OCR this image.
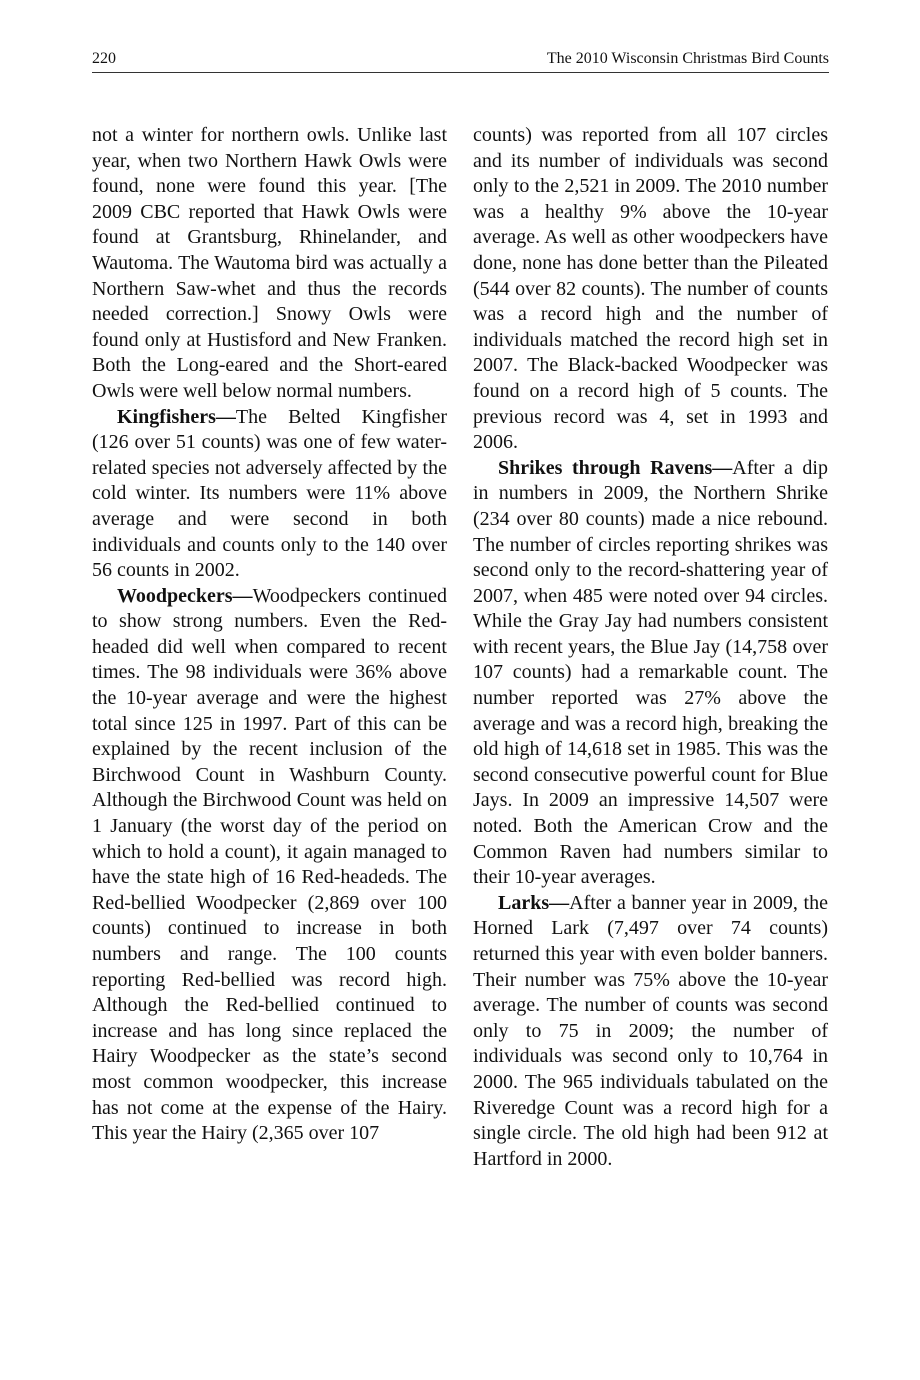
220	The 2010 Wisconsin Christmas Bird Counts

not a winter for northern owls. Unlike last year, when two Northern Hawk Owls were found, none were found this year. [The 2009 CBC reported that Hawk Owls were found at Grantsburg, Rhinelander, and Wautoma. The Wautoma bird was actually a Northern Saw-whet and thus the records needed correction.] Snowy Owls were found only at Hustisford and New Franken. Both the Long-eared and the Short-eared Owls were well below normal numbers.

Kingfishers—The Belted Kingfisher (126 over 51 counts) was one of few water-related species not adversely affected by the cold winter. Its numbers were 11% above average and were second in both individuals and counts only to the 140 over 56 counts in 2002.

Woodpeckers—Woodpeckers continued to show strong numbers. Even the Red-headed did well when compared to recent times. The 98 individuals were 36% above the 10-year average and were the highest total since 125 in 1997. Part of this can be explained by the recent inclusion of the Birchwood Count in Washburn County. Although the Birchwood Count was held on 1 January (the worst day of the period on which to hold a count), it again managed to have the state high of 16 Red-headeds. The Red-bellied Woodpecker (2,869 over 100 counts) continued to increase in both numbers and range. The 100 counts reporting Red-bellied was record high. Although the Red-bellied continued to increase and has long since replaced the Hairy Woodpecker as the state’s second most common woodpecker, this increase has not come at the expense of the Hairy. This year the Hairy (2,365 over 107

counts) was reported from all 107 circles and its number of individuals was second only to the 2,521 in 2009. The 2010 number was a healthy 9% above the 10-year average. As well as other woodpeckers have done, none has done better than the Pileated (544 over 82 counts). The number of counts was a record high and the number of individuals matched the record high set in 2007. The Black-backed Woodpecker was found on a record high of 5 counts. The previous record was 4, set in 1993 and 2006.

Shrikes through Ravens—After a dip in numbers in 2009, the Northern Shrike (234 over 80 counts) made a nice rebound. The number of circles reporting shrikes was second only to the record-shattering year of 2007, when 485 were noted over 94 circles. While the Gray Jay had numbers consistent with recent years, the Blue Jay (14,758 over 107 counts) had a remarkable count. The number reported was 27% above the average and was a record high, breaking the old high of 14,618 set in 1985. This was the second consecutive powerful count for Blue Jays. In 2009 an impressive 14,507 were noted. Both the American Crow and the Common Raven had numbers similar to their 10-year averages.

Larks—After a banner year in 2009, the Horned Lark (7,497 over 74 counts) returned this year with even bolder banners. Their number was 75% above the 10-year average. The number of counts was second only to 75 in 2009; the number of individuals was second only to 10,764 in 2000. The 965 individuals tabulated on the Riveredge Count was a record high for a single circle. The old high had been 912 at Hartford in 2000.
